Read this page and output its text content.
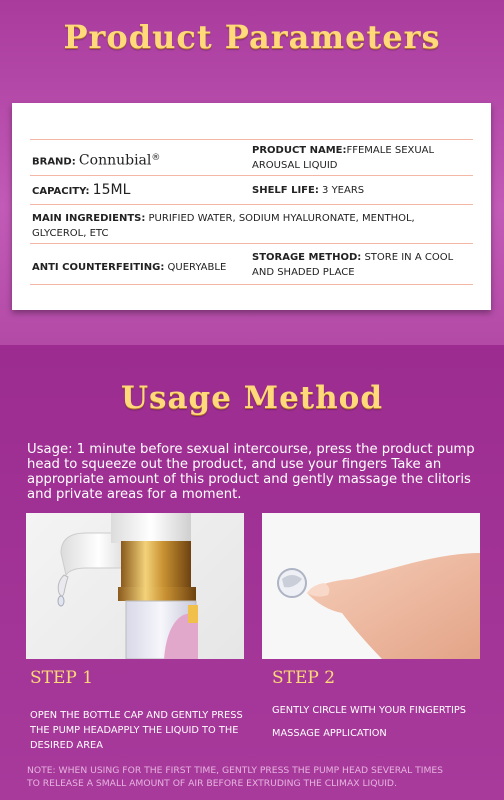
Product Parameters
BRAND: Connubial®
PRODUCT NAME:FFEMALE SEXUAL
AROUSAL LIQUID
CAPACITY: 15ML	SHELF LIFE: 3 YEARS
MAIN INGREDIENTS: PURIFIED WATER, SODIUM HYALURONATE, MENTHOL,
GLYCEROL, ETC
ANTI COUNTERFEITING: QUERYABLE
STORAGE METHOD: STORE IN A COOL
AND SHADED PLACE
Usage Method
Usage: 1 minute before sexual intercourse, press the product pump head to squeeze out the product, and use your fingers Take an appropriate amount of this product and gently massage the clitoris and private areas for a moment.
STEP 1	STEP 2
OPEN THE BOTTLE CAP AND GENTLY PRESS
THE PUMP HEADAPPLY THE LIQUID TO THE
DESIRED AREA
GENTLY CIRCLE WITH YOUR FINGERTIPS
MASSAGE APPLICATION
NOTE: WHEN USING FOR THE FIRST TIME, GENTLY PRESS THE PUMP HEAD SEVERAL TIMES
TO RELEASE A SMALL AMOUNT OF AIR BEFORE EXTRUDING THE CLIMAX LIQUID.
